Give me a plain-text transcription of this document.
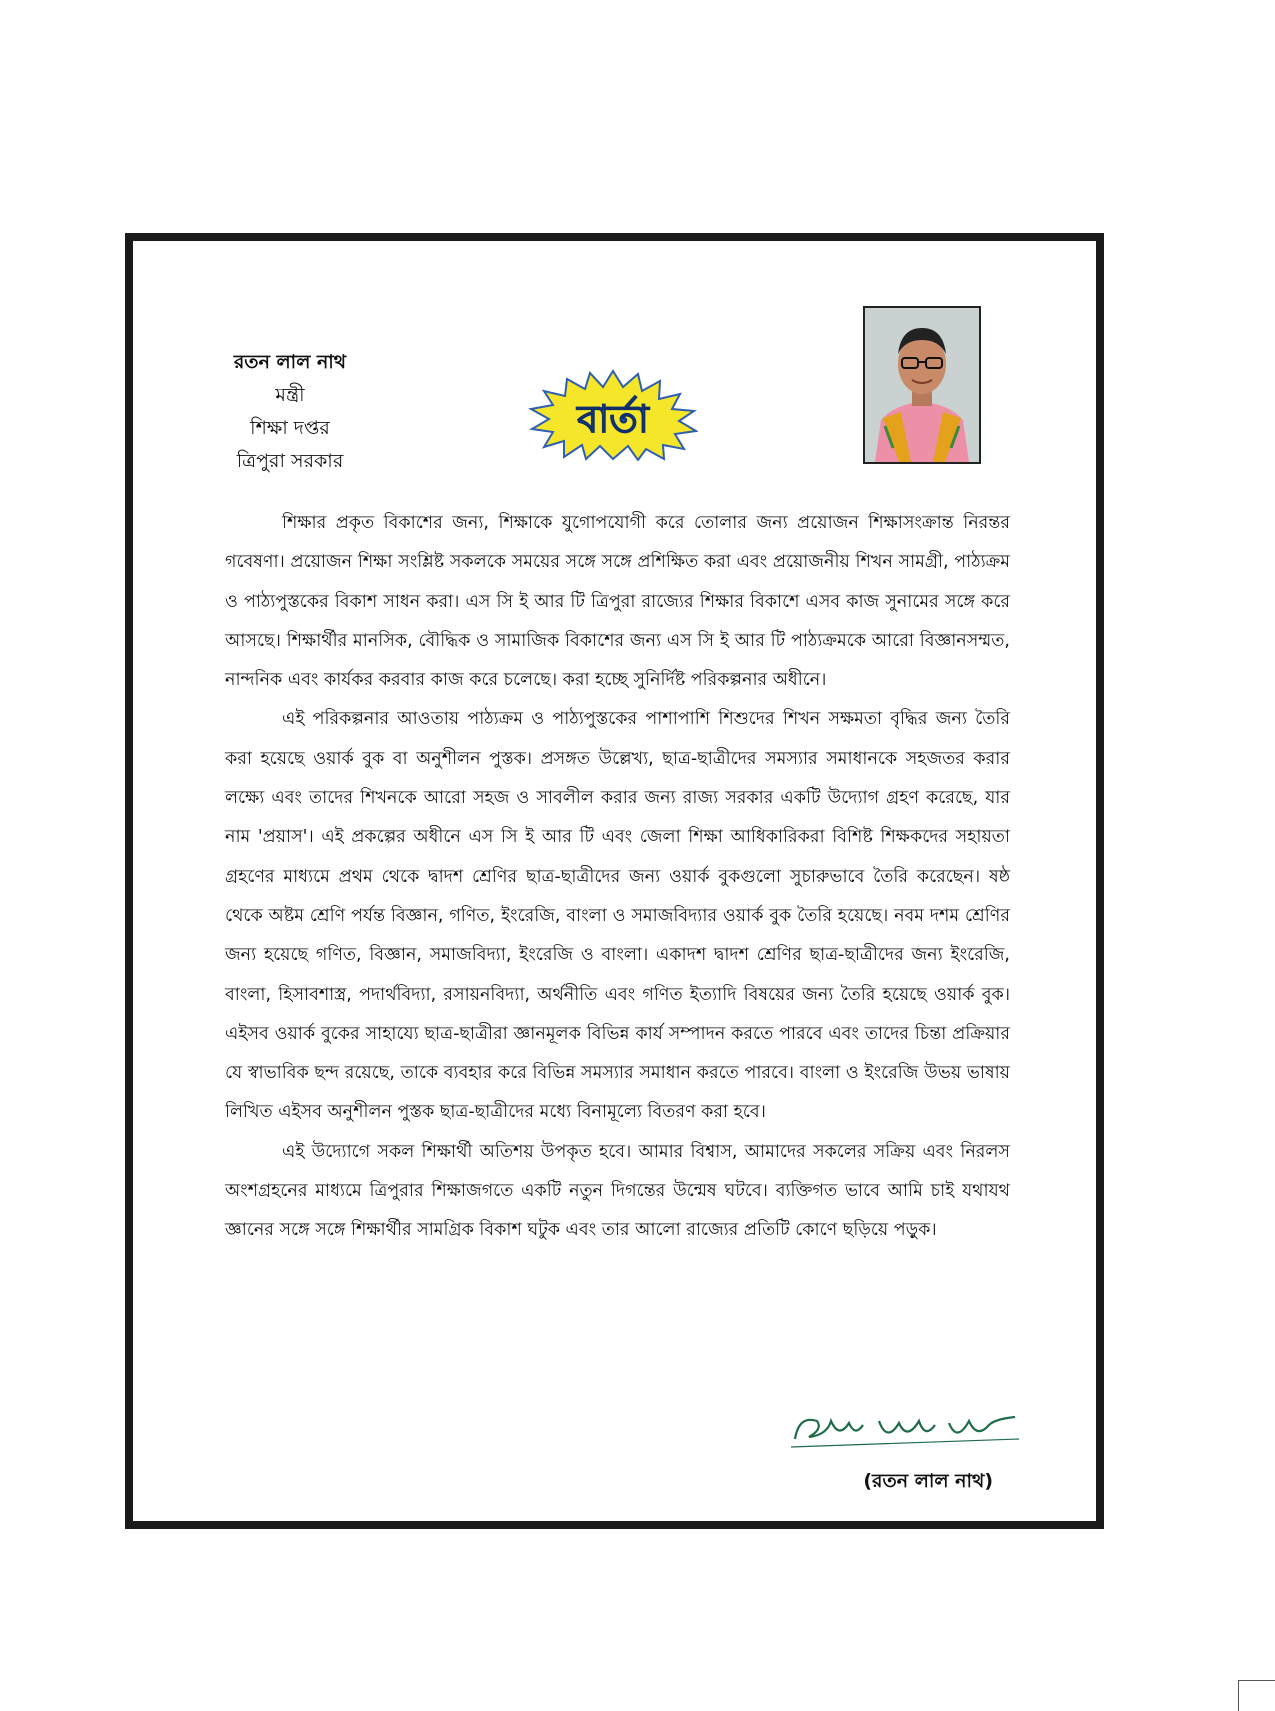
রতন লাল নাথ
মন্ত্রী
শিক্ষা দপ্তর
ত্রিপুরা সরকার
বার্তা

শিক্ষার প্রকৃত বিকাশের জন্য, শিক্ষাকে যুগোপযোগী করে তোলার জন্য প্রয়োজন শিক্ষাসংক্রান্ত নিরন্তর গবেষণা। প্রয়োজন শিক্ষা সংশ্লিষ্ট সকলকে সময়ের সঙ্গে সঙ্গে প্রশিক্ষিত করা এবং প্রয়োজনীয় শিখন সামগ্রী, পাঠ্যক্রম ও পাঠ্যপুস্তকের বিকাশ সাধন করা। এস সি ই আর টি ত্রিপুরা রাজ্যের শিক্ষার বিকাশে এসব কাজ সুনামের সঙ্গে করে আসছে। শিক্ষার্থীর মানসিক, বৌদ্ধিক ও সামাজিক বিকাশের জন্য এস সি ই আর টি পাঠ্যক্রমকে আরো বিজ্ঞানসম্মত, নান্দনিক এবং কার্যকর করবার কাজ করে চলেছে। করা হচ্ছে সুনির্দিষ্ট পরিকল্পনার অধীনে।

এই পরিকল্পনার আওতায় পাঠ্যক্রম ও পাঠ্যপুস্তকের পাশাপাশি শিশুদের শিখন সক্ষমতা বৃদ্ধির জন্য তৈরি করা হয়েছে ওয়ার্ক বুক বা অনুশীলন পুস্তক। প্রসঙ্গত উল্লেখ্য, ছাত্র-ছাত্রীদের সমস্যার সমাধানকে সহজতর করার লক্ষ্যে এবং তাদের শিখনকে আরো সহজ ও সাবলীল করার জন্য রাজ্য সরকার একটি উদ্যোগ গ্রহণ করেছে, যার নাম 'প্রয়াস'। এই প্রকল্পের অধীনে এস সি ই আর টি এবং জেলা শিক্ষা আধিকারিকরা বিশিষ্ট শিক্ষকদের সহায়তা গ্রহণের মাধ্যমে প্রথম থেকে দ্বাদশ শ্রেণির ছাত্র-ছাত্রীদের জন্য ওয়ার্ক বুকগুলো সুচারুভাবে তৈরি করেছেন। ষষ্ঠ থেকে অষ্টম শ্রেণি পর্যন্ত বিজ্ঞান, গণিত, ইংরেজি, বাংলা ও সমাজবিদ্যার ওয়ার্ক বুক তৈরি হয়েছে। নবম দশম শ্রেণির জন্য হয়েছে গণিত, বিজ্ঞান, সমাজবিদ্যা, ইংরেজি ও বাংলা। একাদশ দ্বাদশ শ্রেণির ছাত্র-ছাত্রীদের জন্য ইংরেজি, বাংলা, হিসাবশাস্ত্র, পদার্থবিদ্যা, রসায়নবিদ্যা, অর্থনীতি এবং গণিত ইত্যাদি বিষয়ের জন্য তৈরি হয়েছে ওয়ার্ক বুক। এইসব ওয়ার্ক বুকের সাহায্যে ছাত্র-ছাত্রীরা জ্ঞানমূলক বিভিন্ন কার্য সম্পাদন করতে পারবে এবং তাদের চিন্তা প্রক্রিয়ার যে স্বাভাবিক ছন্দ রয়েছে, তাকে ব্যবহার করে বিভিন্ন সমস্যার সমাধান করতে পারবে। বাংলা ও ইংরেজি উভয় ভাষায় লিখিত এইসব অনুশীলন পুস্তক ছাত্র-ছাত্রীদের মধ্যে বিনামূল্যে বিতরণ করা হবে।

এই উদ্যোগে সকল শিক্ষার্থী অতিশয় উপকৃত হবে। আমার বিশ্বাস, আমাদের সকলের সক্রিয় এবং নিরলস অংশগ্রহনের মাধ্যমে ত্রিপুরার শিক্ষাজগতে একটি নতুন দিগন্তের উন্মেষ ঘটবে। ব্যক্তিগত ভাবে আমি চাই যথাযথ জ্ঞানের সঙ্গে সঙ্গে শিক্ষার্থীর সামগ্রিক বিকাশ ঘটুক এবং তার আলো রাজ্যের প্রতিটি কোণে ছড়িয়ে পড়ুক।

(রতন লাল নাথ)
